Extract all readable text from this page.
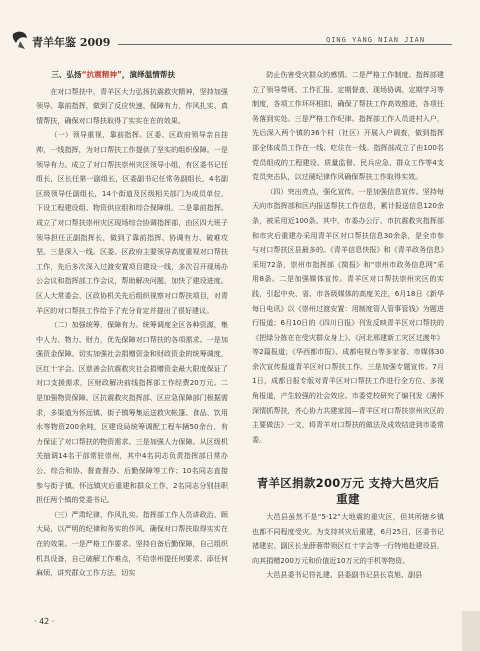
青羊年鉴 2009	QING YANG NIAN JIAN
三、弘扬“抗震精神”，演绎温情帮扶

在对口帮扶中，青羊区大力弘扬抗震救灾精神，坚持加强领导、靠前指挥，做到了反应快速、保障有力，作风扎实、真情帮扶，确保对口帮扶取得了实实在在的效果。

（一）领导重视，靠前指挥。区委、区政府领导亲自挂帅，一线指挥，为对口帮扶工作提供了坚实的组织保障。一是领导有力。成立了对口帮扶崇州灾区领导小组，有区委书记任组长，区长任第一副组长，区委副书记任常务副组长，4名副区级领导任副组长，14个街道及区级相关部门为成员单位，下设工程建设组、物资供应组和综合保障组。二是靠前指挥。成立了对口帮扶崇州灾区现场综合协调指挥部，由区四大班子领导担任正副指挥长，做到了靠前指挥、协调有力、破难攻坚。三是深入一线。区委、区政府主要领导高度重视对口帮扶工作，先后多次深入过渡安置项目建设一线，多次召开现场办公会议和指挥部工作会议，帮助解决问题，加快了建设进度。区人大常委会、区政协机关先后组织视察对口帮扶项目，对青羊区的对口帮扶工作给予了充分肯定并提出了很好建议。

（二）加强统筹，保障有力。统筹调度全区各种资源，集中人力、物力、财力，优先保障对口帮扶的各项需求。一是加强资金保障。切实加强社会捐赠资金和财政资金的统筹调度，区红十字会、区慈善会抗震救灾社会捐赠资金最大限度保证了对口支援需求，区财政解决前线指挥部工作经费20万元。二是加强物资保障。区抗震救灾指挥部、区应急保障部门根据需求，多渠道为怀远镇、街子镇筹集运送救灾帐篷、食品、饮用水等物资200余吨，区建设局统筹调配工程车辆50余台，有力保证了对口帮扶的物资需求。三是加强人力保障。从区级机关抽调14名干部常驻崇州，其中4名同志负责指挥部日常办公、综合和协、督查督办、后勤保障等工作；10名同志直接参与街子镇、怀远镇灾后重建和群众工作，2名同志分别挂职担任两个镇的党委书记。

（三）严肃纪律，作风扎实。指挥部工作人员讲政治、顾大局，以严明的纪律和务实的作风，确保对口帮扶取得实实在在的效果。一是严格工作要求。坚持自备后勤保障，自己组织机具设备，自己破解工作难点，不给崇州提任何要求、添任何麻烦，讲究群众工作方法，切实

防止伤害受灾群众的感情。二是严格工作制度。指挥部建立了领导带班、工作汇报、定期督查、现场协调、定期学习等制度，各项工作环环相扣，确保了帮扶工作高效推进，各项任务落到实处。三是严格工作纪律。指挥部工作人员进村入户，先后深入两个镇的36个村（社区）开展入户调查，做到指挥部全体成员工作在一线、吃住在一线。指挥部成立了由100名党员组成的工程建设、质量监督、民兵应急、群众工作等4支党员突击队，以过硬纪律作风确保帮扶工作取得实效。

（四）突出亮点，强化宣传。一是加强信息宣传。坚持每天向市指挥部和区内报送帮扶工作信息，累计报送信息120余条，被采用近100条。其中，市委办公厅、市抗震救灾指挥部和市灾后重建办采用青羊区对口帮扶信息30余条，是全市参与对口帮扶区县最多的。《青羊信息快报》和《青羊政务信息》采用72条，崇州市指挥部《简报》和“崇州市政务信息网”采用8条。二是加强媒体宣传。青羊区对口帮扶崇州灾区的实践，引起中央、省、市各级媒体的高度关注，6月18日《新华每日电讯》以《崇州过渡安置：用制度管人管事管钱》为题进行报道；6月10日的《四川日报》刊发反映青羊区对口帮扶的《把绿分拣在在受灾群众身上》、《河北邢建新工灾区过渡年》等2篇报道；《华西都市报》、成都电视台等多家省、市媒体30余次宣传报道青羊区对口帮扶工作。三是加强专题宣传。7月1日，成都日报专版对青羊区对口帮扶工作进行全方位、多视角报道，产生较强的社会效应。市委党校研究了编刊发《满怀深情抓帮扶，齐心协力共建家园—青羊区对口帮扶崇州灾区的主要做法》一文，将青羊对口帮扶的做法及成效结进到市委常委。

青羊区捐款200万元 支持大邑灾后重建

大邑县虽然不是“5·12”大地震的重灾区，但其所辖乡镇也都不同程度受灾。为支持其灾后重建，6月25日，区委书记褚建宏、副区长龙薛蓉带领区红十字会等一行特地赴建设县，向其捐赠200万元和价值近10万元的手机等物资。

大邑县委书记符礼建、县委副书记县长袁旭、副县

· 42 ·
